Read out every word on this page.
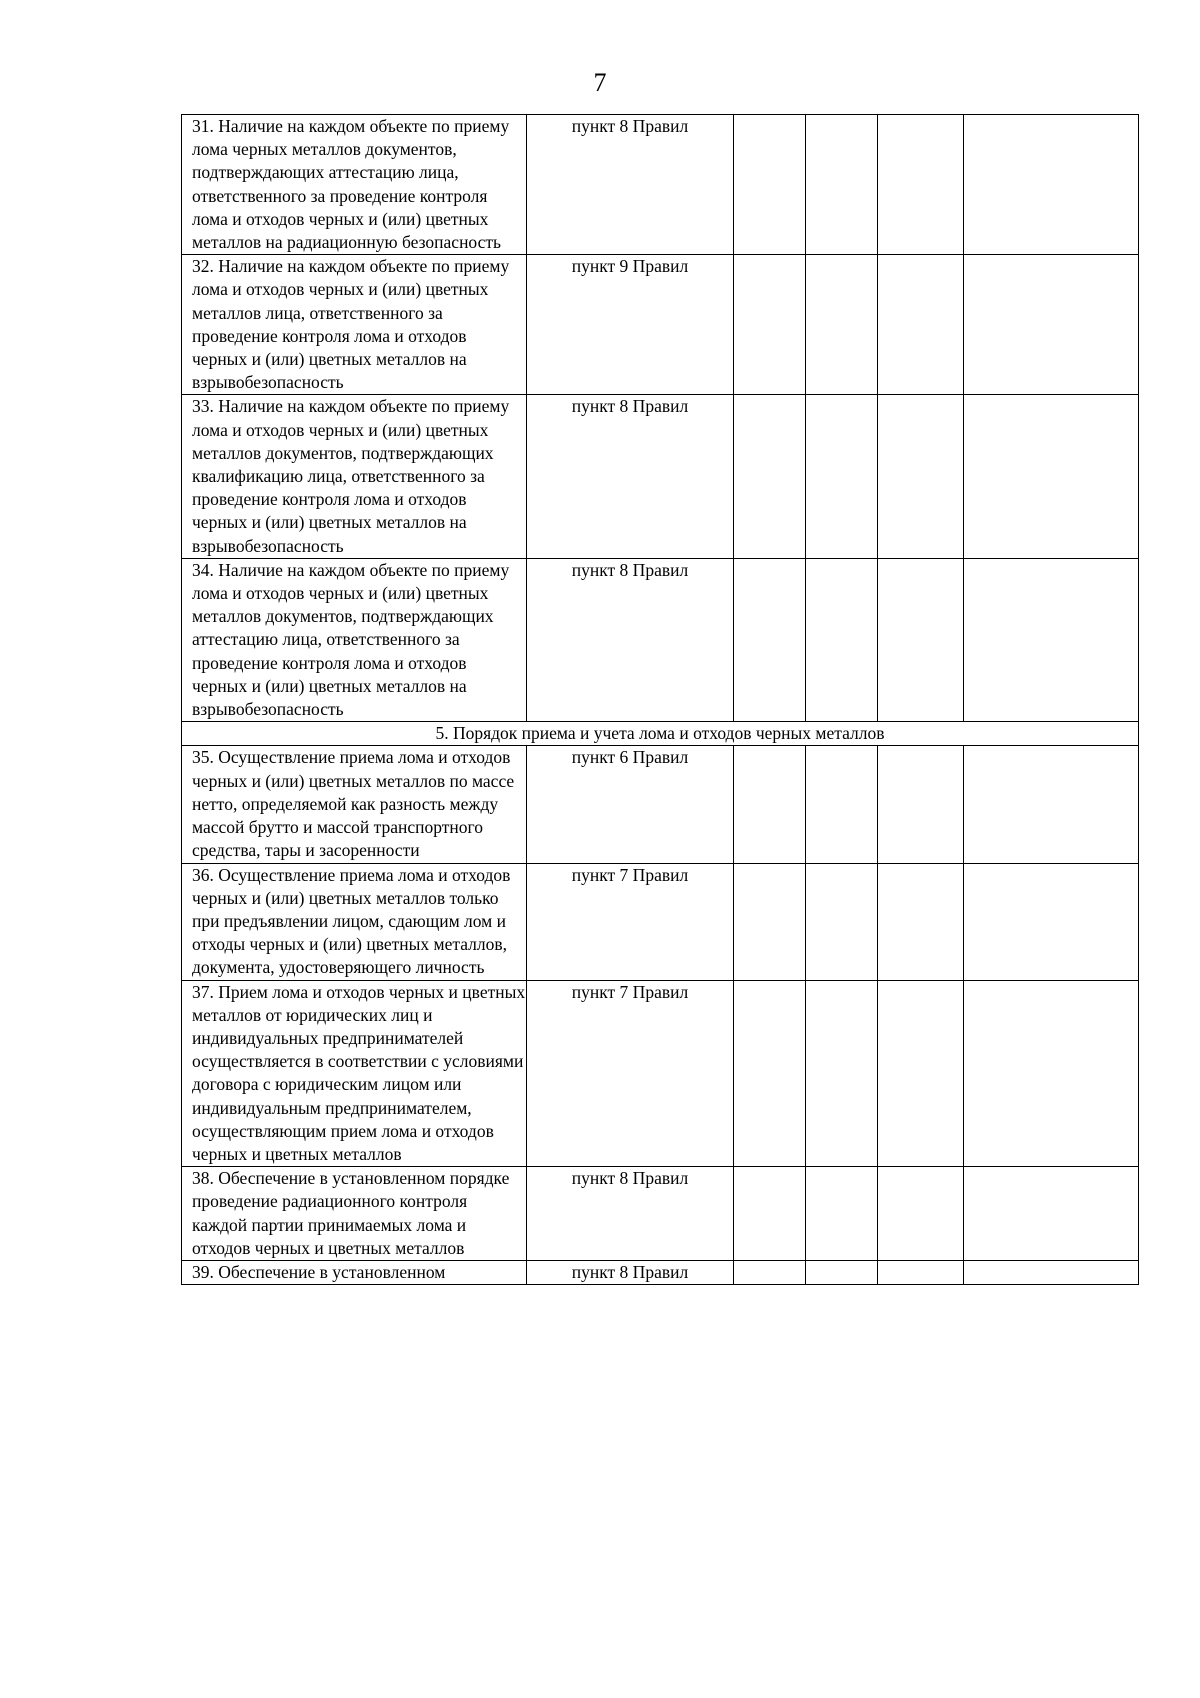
7
31. Наличие на каждом объекте по приему лома черных металлов документов, подтверждающих аттестацию лица, ответственного за проведение контроля лома и отходов черных и (или) цветных металлов на радиационную безопасность	пункт 8 Правил				
32. Наличие на каждом объекте по приему лома и отходов черных и (или) цветных металлов лица, ответственного за проведение контроля лома и отходов черных и (или) цветных металлов на взрывобезопасность	пункт 9 Правил				
33. Наличие на каждом объекте по приему лома и отходов черных и (или) цветных металлов документов, подтверждающих квалификацию лица, ответственного за проведение контроля лома и отходов черных и (или) цветных металлов на взрывобезопасность	пункт 8 Правил				
34. Наличие на каждом объекте по приему лома и отходов черных и (или) цветных металлов документов, подтверждающих аттестацию лица, ответственного за проведение контроля лома и отходов черных и (или) цветных металлов на взрывобезопасность	пункт 8 Правил				
5. Порядок приема и учета лома и отходов черных металлов					
35. Осуществление приема лома и отходов черных и (или) цветных металлов по массе нетто, определяемой как разность между массой брутто и массой транспортного средства, тары и засоренности	пункт 6 Правил				
36. Осуществление приема лома и отходов черных и (или) цветных металлов только при предъявлении лицом, сдающим лом и отходы черных и (или) цветных металлов, документа, удостоверяющего личность	пункт 7 Правил				
37. Прием лома и отходов черных и цветных металлов от юридических лиц и индивидуальных предпринимателей осуществляется в соответствии с условиями договора с юридическим лицом или индивидуальным предпринимателем, осуществляющим прием лома и отходов черных и цветных металлов	пункт 7 Правил				
38. Обеспечение в установленном порядке проведение радиационного контроля каждой партии принимаемых лома и отходов черных и цветных металлов	пункт 8 Правил				
39. Обеспечение в установленном	пункт 8 Правил				
